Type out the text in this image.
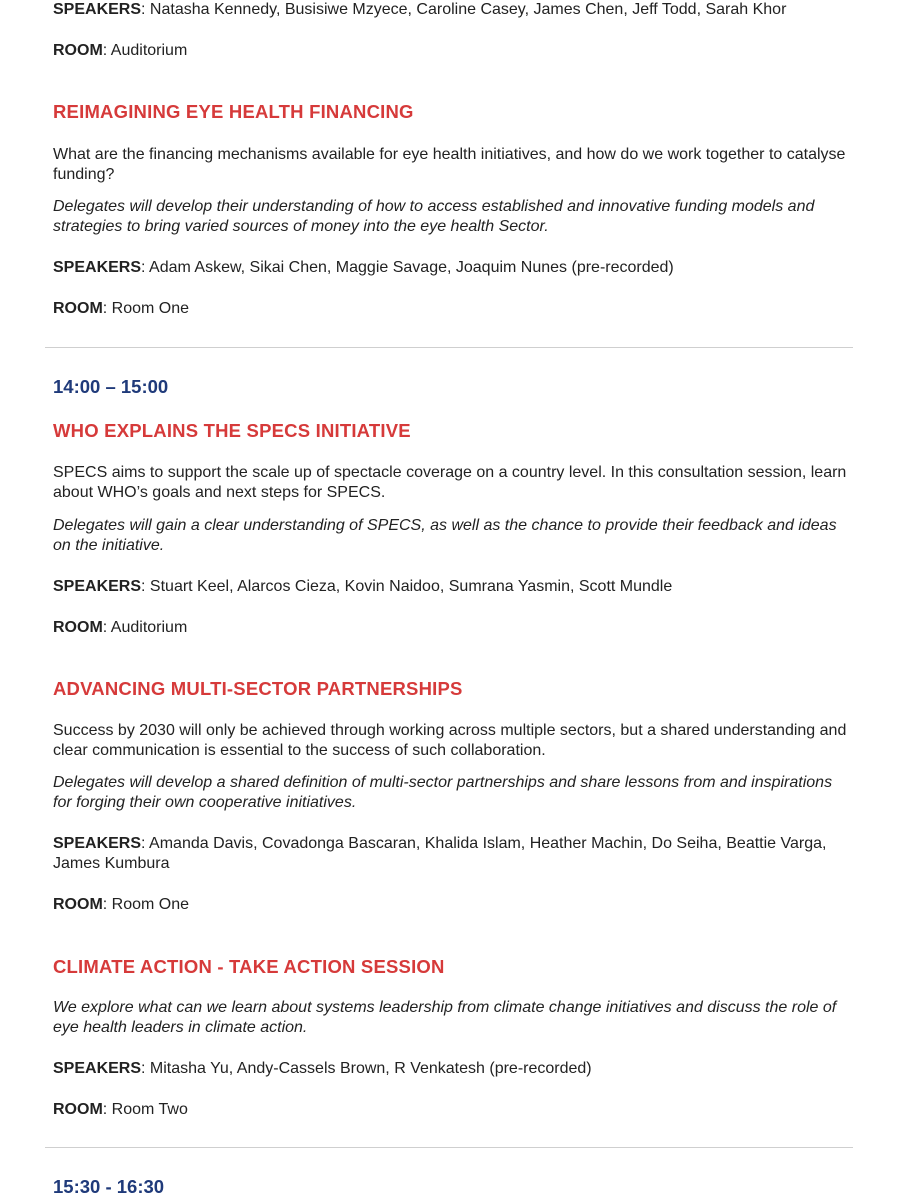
SPEAKERS: Natasha Kennedy, Busisiwe Mzyece, Caroline Casey, James Chen, Jeff Todd, Sarah Khor

ROOM: Auditorium

REIMAGINING EYE HEALTH FINANCING

What are the financing mechanisms available for eye health initiatives, and how do we work together to catalyse funding?

Delegates will develop their understanding of how to access established and innovative funding models and strategies to bring varied sources of money into the eye health Sector.

SPEAKERS: Adam Askew, Sikai Chen, Maggie Savage, Joaquim Nunes (pre-recorded)

ROOM: Room One

14:00 – 15:00

WHO EXPLAINS THE SPECS INITIATIVE

SPECS aims to support the scale up of spectacle coverage on a country level. In this consultation session, learn about WHO’s goals and next steps for SPECS.

Delegates will gain a clear understanding of SPECS, as well as the chance to provide their feedback and ideas on the initiative.

SPEAKERS: Stuart Keel, Alarcos Cieza, Kovin Naidoo, Sumrana Yasmin, Scott Mundle

ROOM: Auditorium

ADVANCING MULTI-SECTOR PARTNERSHIPS

Success by 2030 will only be achieved through working across multiple sectors, but a shared understanding and clear communication is essential to the success of such collaboration.

Delegates will develop a shared definition of multi-sector partnerships and share lessons from and inspirations for forging their own cooperative initiatives.

SPEAKERS: Amanda Davis, Covadonga Bascaran, Khalida Islam, Heather Machin, Do Seiha, Beattie Varga, James Kumbura

ROOM: Room One

CLIMATE ACTION - TAKE ACTION SESSION

We explore what can we learn about systems leadership from climate change initiatives and discuss the role of eye health leaders in climate action.

SPEAKERS: Mitasha Yu, Andy-Cassels Brown, R Venkatesh (pre-recorded)

ROOM: Room Two

15:30 - 16:30
